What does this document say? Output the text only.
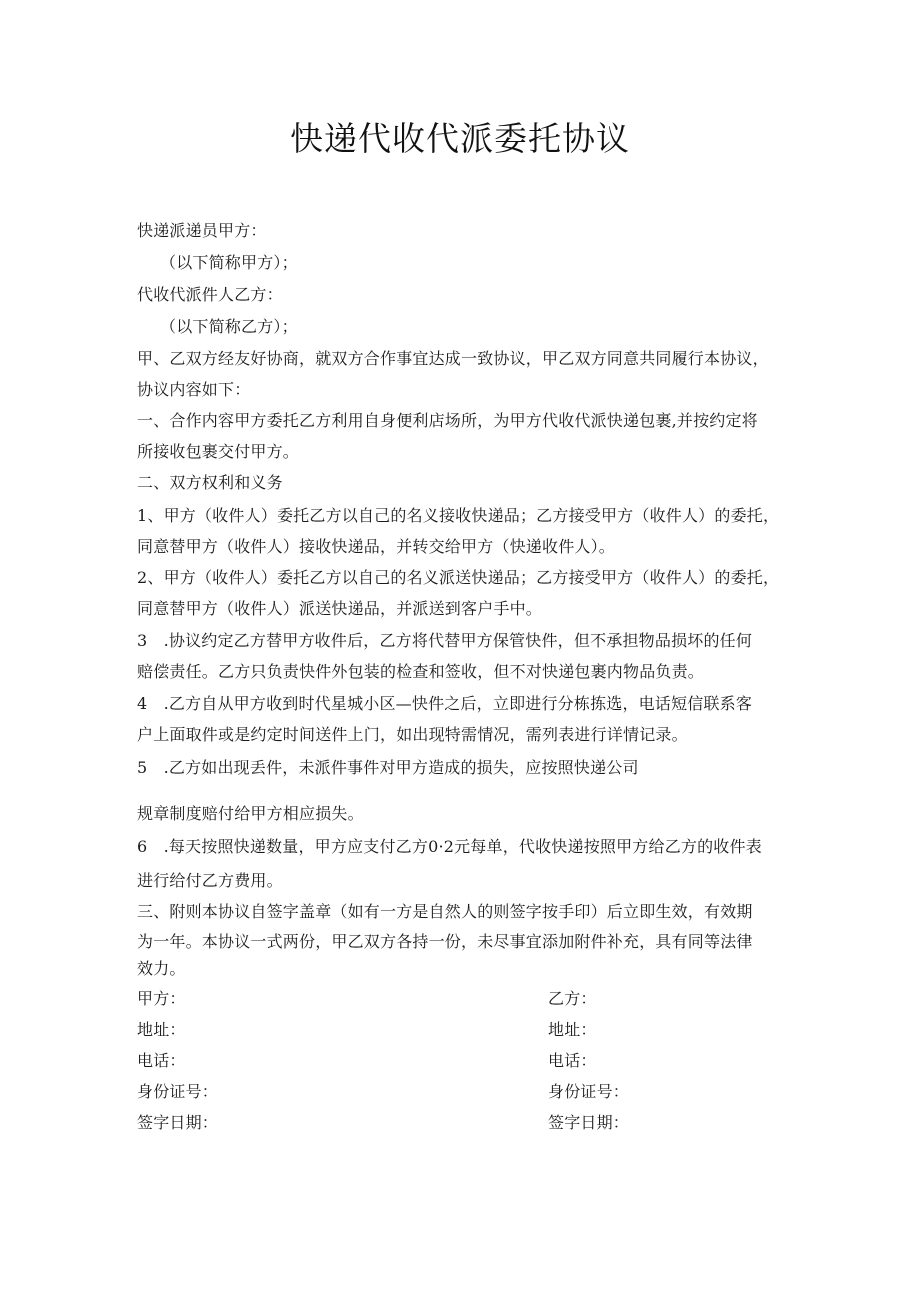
快递代收代派委托协议
快递派递员甲方：
（以下简称甲方）；
代收代派件人乙方：
（以下简称乙方）；
甲、乙双方经友好协商，就双方合作事宜达成一致协议，甲乙双方同意共同履行本协议，
协议内容如下：
一、合作内容甲方委托乙方利用自身便利店场所，为甲方代收代派快递包裹,并按约定将
所接收包裹交付甲方。
二、双方权利和义务
1、甲方（收件人）委托乙方以自己的名义接收快递品；乙方接受甲方（收件人）的委托，
同意替甲方（收件人）接收快递品，并转交给甲方（快递收件人）。
2、甲方（收件人）委托乙方以自己的名义派送快递品；乙方接受甲方（收件人）的委托，
同意替甲方（收件人）派送快递品，并派送到客户手中。
3　.协议约定乙方替甲方收件后，乙方将代替甲方保管快件，但不承担物品损坏的任何
赔偿责任。乙方只负责快件外包装的检查和签收，但不对快递包裹内物品负责。
4　.乙方自从甲方收到时代星城小区—快件之后，立即进行分栋拣选，电话短信联系客
户上面取件或是约定时间送件上门，如出现特需情况，需列表进行详情记录。
5　.乙方如出现丢件，未派件事件对甲方造成的损失，应按照快递公司
规章制度赔付给甲方相应损失。
6　.每天按照快递数量，甲方应支付乙方0·2元每单，代收快递按照甲方给乙方的收件表
进行给付乙方费用。
三、附则本协议自签字盖章（如有一方是自然人的则签字按手印）后立即生效，有效期
为一年。本协议一式两份，甲乙双方各持一份，未尽事宜添加附件补充，具有同等法律
效力。
甲方：	乙方：
地址：	地址：
电话：	电话：
身份证号：	身份证号：
签字日期：	签字日期：
